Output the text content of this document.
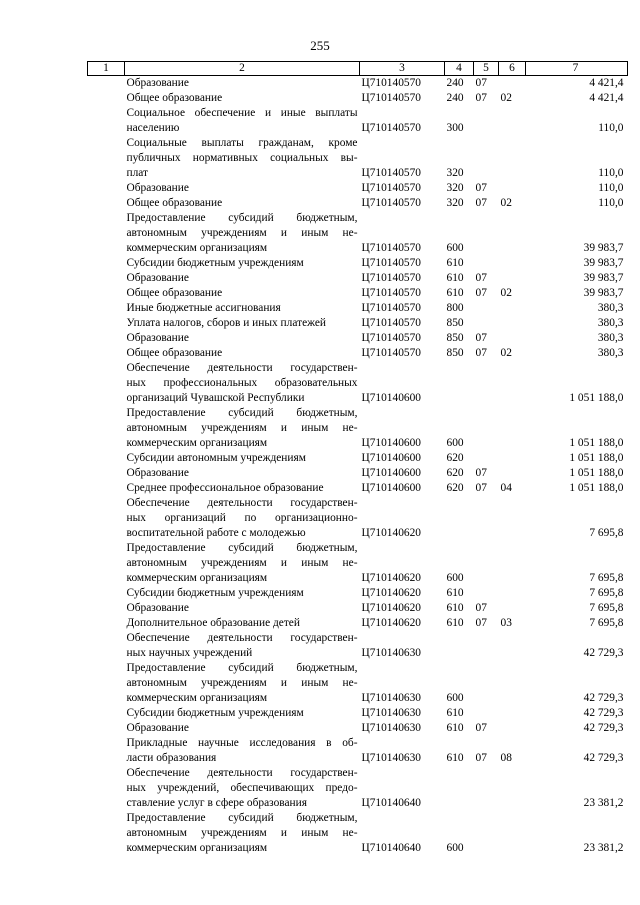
255
1	2	3	4	5	6	7

	Образование	Ц710140570	240	07		4 421,4

	Общее образование	Ц710140570	240	07	02	4 421,4

	Социальное обеспечение и иные выплаты
населению	Ц710140570	300			110,0

	Социальные выплаты гражданам, кроме
публичных нормативных социальных вы-
плат	Ц710140570	320			110,0

	Образование	Ц710140570	320	07		110,0

	Общее образование	Ц710140570	320	07	02	110,0

	Предоставление субсидий бюджетным,
автономным учреждениям и иным не-
коммерческим организациям	Ц710140570	600			39 983,7

	Субсидии бюджетным учреждениям	Ц710140570	610			39 983,7

	Образование	Ц710140570	610	07		39 983,7

	Общее образование	Ц710140570	610	07	02	39 983,7

	Иные бюджетные ассигнования	Ц710140570	800			380,3

	Уплата налогов, сборов и иных платежей	Ц710140570	850			380,3

	Образование	Ц710140570	850	07		380,3

	Общее образование	Ц710140570	850	07	02	380,3

	Обеспечение деятельности государствен-
ных профессиональных образовательных
организаций Чувашской Республики	Ц710140600				1 051 188,0

	Предоставление субсидий бюджетным,
автономным учреждениям и иным не-
коммерческим организациям	Ц710140600	600			1 051 188,0

	Субсидии автономным учреждениям	Ц710140600	620			1 051 188,0

	Образование	Ц710140600	620	07		1 051 188,0

	Среднее профессиональное образование	Ц710140600	620	07	04	1 051 188,0

	Обеспечение деятельности государствен-
ных организаций по организационно-
воспитательной работе с молодежью	Ц710140620				7 695,8

	Предоставление субсидий бюджетным,
автономным учреждениям и иным не-
коммерческим организациям	Ц710140620	600			7 695,8

	Субсидии бюджетным учреждениям	Ц710140620	610			7 695,8

	Образование	Ц710140620	610	07		7 695,8

	Дополнительное образование детей	Ц710140620	610	07	03	7 695,8

	Обеспечение деятельности государствен-
ных научных учреждений	Ц710140630				42 729,3

	Предоставление субсидий бюджетным,
автономным учреждениям и иным не-
коммерческим организациям	Ц710140630	600			42 729,3

	Субсидии бюджетным учреждениям	Ц710140630	610			42 729,3

	Образование	Ц710140630	610	07		42 729,3

	Прикладные научные исследования в об-
ласти образования	Ц710140630	610	07	08	42 729,3

	Обеспечение деятельности государствен-
ных учреждений, обеспечивающих предо-
ставление услуг в сфере образования	Ц710140640				23 381,2

	Предоставление субсидий бюджетным,
автономным учреждениям и иным не-
коммерческим организациям	Ц710140640	600			23 381,2
